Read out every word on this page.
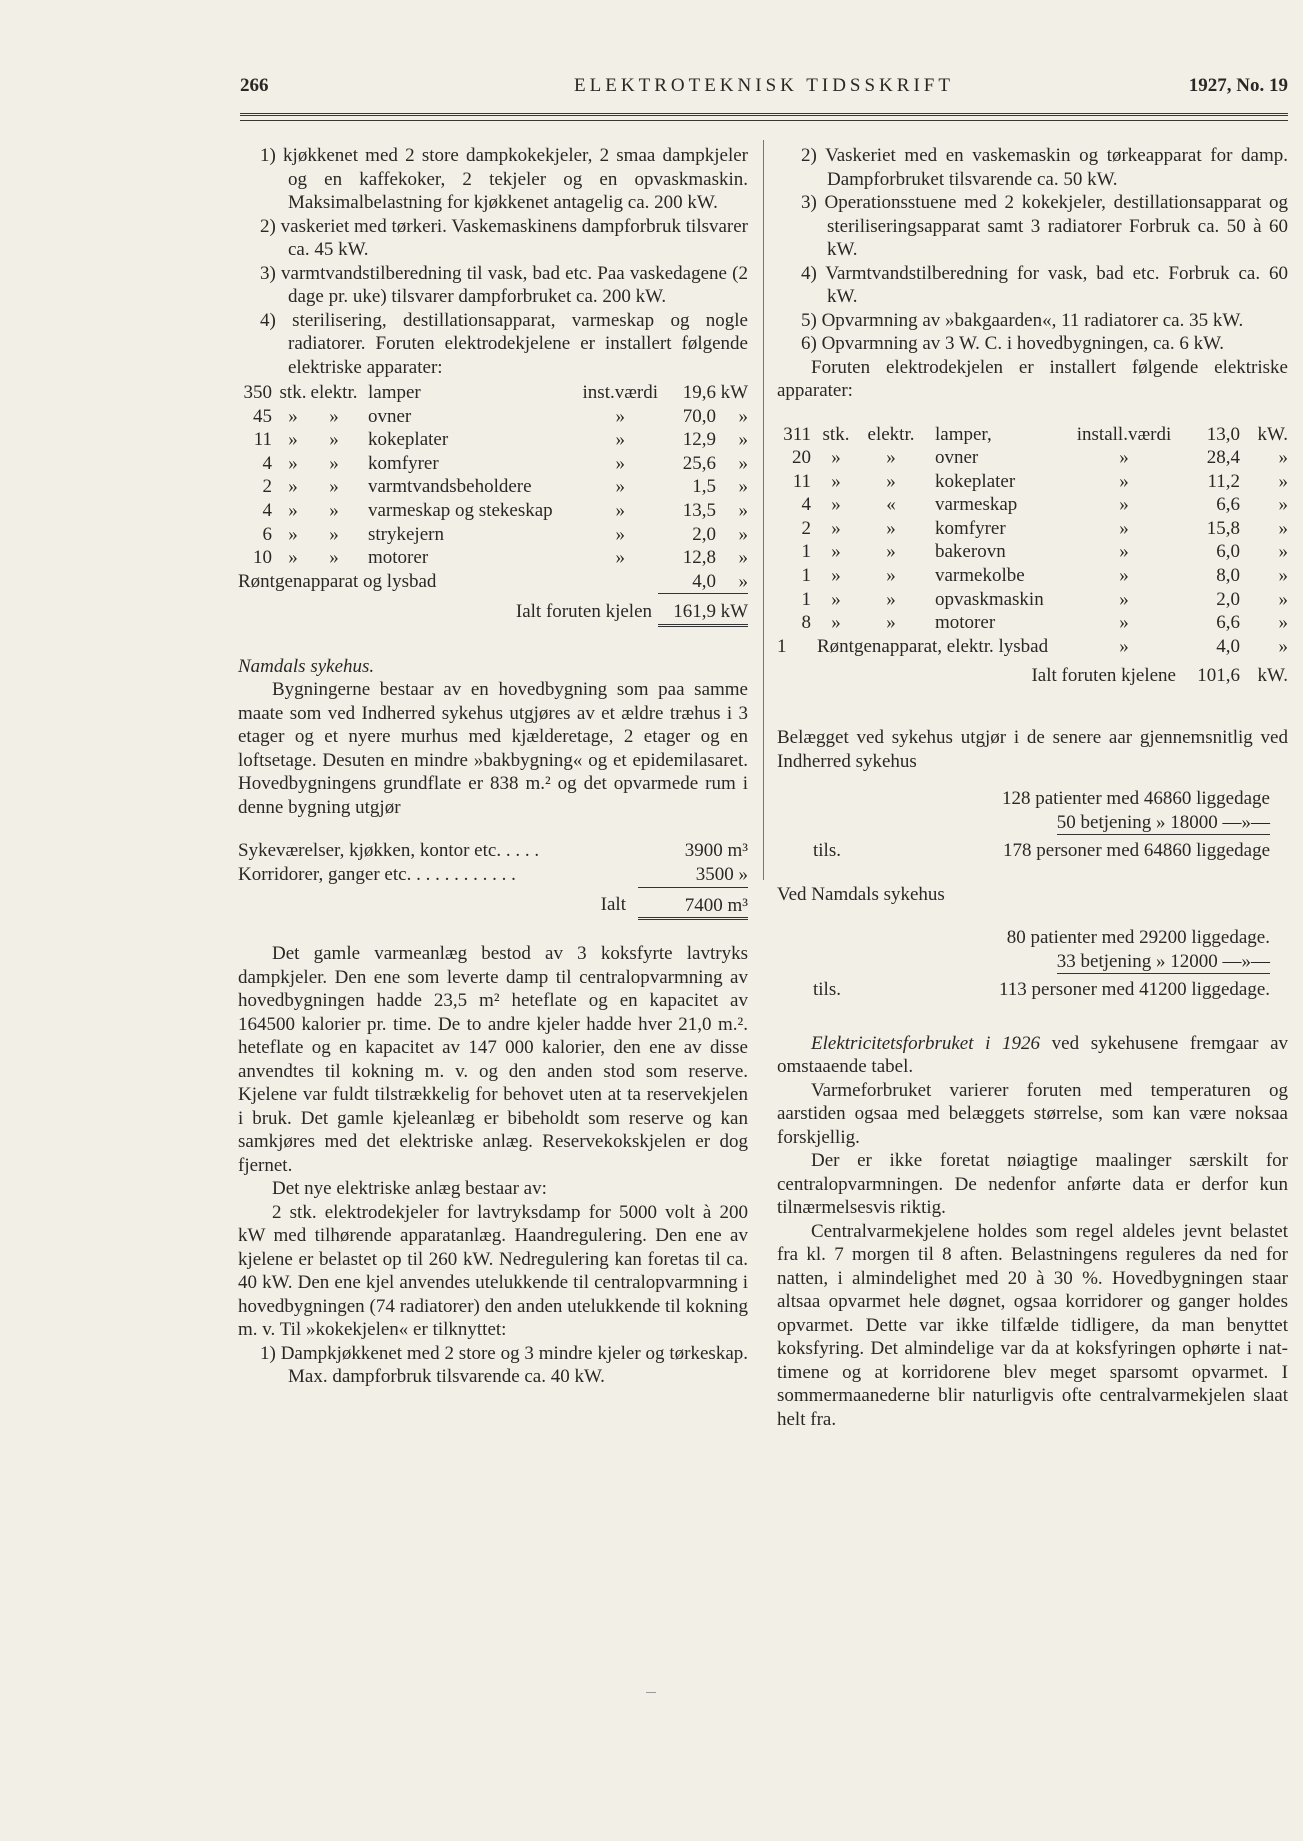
266	ELEKTROTEKNISK TIDSSKRIFT	1927, No. 19

1) kjøkkenet med 2 store dampkokekjeler, 2 smaa dampkjeler og en kaffekoker, 2 tekjeler og en opvaskmaskin. Maksimalbelastning for kjøkkenet antagelig ca. 200 kW.

2) vaskeriet med tørkeri. Vaskemaskinens dampforbruk tilsvarer ca. 45 kW.

3) varmtvandstilberedning til vask, bad etc. Paa vaskedagene (2 dage pr. uke) tilsvarer dampforbruket ca. 200 kW.

4) sterilisering, destillationsapparat, varmeskap og nogle radiatorer. Foruten elektrodekjelene er installert følgende elektriske apparater:

350	stk.	elektr.	lamper	inst.værdi	19,6	kW
45	»	»	ovner	»	70,0	»
11	»	»	kokeplater	»	12,9	»
4	»	»	komfyrer	»	25,6	»
2	»	»	varmtvandsbeholdere	»	1,5	»
4	»	»	varmeskap og stekeskap	»	13,5	»
6	»	»	strykejern	»	2,0	»
10	»	»	motorer	»	12,8	»
Røntgenapparat og lysbad					4,0	»
Ialt foruten kjelen					161,9	kW

Namdals sykehus.

Bygningerne bestaar av en hovedbygning som paa samme maate som ved Indherred sykehus utgjøres av et ældre træhus i 3 etager og et nyere murhus med kjælderetage, 2 etager og en loftsetage. Desuten en mindre »bakbygning« og et epidemilasaret. Hovedbygningens grundflate er 838 m.² og det opvarmede rum i denne bygning utgjør

Sykeværelser, kjøkken, kontor etc. . . . .	3900 m³
Korridorer, ganger etc. . . . . . . . . . . .	3500 »
Ialt	7400 m³

Det gamle varmeanlæg bestod av 3 koksfyrte lavtryks dampkjeler. Den ene som leverte damp til centralopvarmning av hovedbygningen hadde 23,5 m² heteflate og en kapacitet av 164500 kalorier pr. time. De to andre kjeler hadde hver 21,0 m.². heteflate og en kapacitet av 147 000 kalorier, den ene av disse anvendtes til kokning m. v. og den anden stod som reserve. Kjelene var fuldt tilstrækkelig for behovet uten at ta reservekjelen i bruk. Det gamle kjeleanlæg er bibeholdt som reserve og kan samkjøres med det elektriske anlæg. Reservekokskjelen er dog fjernet.

Det nye elektriske anlæg bestaar av:

2 stk. elektrodekjeler for lavtryksdamp for 5000 volt à 200 kW med tilhørende apparatanlæg. Haandregulering. Den ene av kjelene er belastet op til 260 kW. Nedregulering kan foretas til ca. 40 kW. Den ene kjel anvendes utelukkende til centralopvarmning i hovedbygningen (74 radiatorer) den anden utelukkende til kokning m. v. Til »kokekjelen« er tilknyttet:

1) Dampkjøkkenet med 2 store og 3 mindre kjeler og tørkeskap. Max. dampforbruk tilsvarende ca. 40 kW.

2) Vaskeriet med en vaskemaskin og tørkeapparat for damp. Dampforbruket tilsvarende ca. 50 kW.

3) Operationsstuene med 2 kokekjeler, destillationsapparat og steriliseringsapparat samt 3 radiatorer Forbruk ca. 50 à 60 kW.

4) Varmtvandstilberedning for vask, bad etc. Forbruk ca. 60 kW.

5) Opvarmning av »bakgaarden«, 11 radiatorer ca. 35 kW.

6) Opvarmning av 3 W. C. i hovedbygningen, ca. 6 kW.

Foruten elektrodekjelen er installert følgende elektriske apparater:

311	stk.	elektr.	lamper,	install.værdi	13,0	kW.
20	»	»	ovner	»	28,4	»
11	»	»	kokeplater	»	11,2	»
4	»	«	varmeskap	»	6,6	»
2	»	»	komfyrer	»	15,8	»
1	»	»	bakerovn	»	6,0	»
1	»	»	varmekolbe	»	8,0	»
1	»	»	opvaskmaskin	»	2,0	»
8	»	»	motorer	»	6,6	»
1	Røntgenapparat, elektr. lysbad			»	4,0	»
Ialt foruten kjelene					101,6	kW.

Belægget ved sykehus utgjør i de senere aar gjennemsnitlig ved Indherred sykehus

128 patienter med 46860 liggedage
50 betjening » 18000 —»—
tils.	178 personer med 64860 liggedage

Ved Namdals sykehus

80 patienter med 29200 liggedage.
33 betjening » 12000 —»—
tils.	113 personer med 41200 liggedage.

Elektricitetsforbruket i 1926 ved sykehusene fremgaar av omstaaende tabel.

Varmeforbruket varierer foruten med temperaturen og aarstiden ogsaa med belæggets størrelse, som kan være noksaa forskjellig.

Der er ikke foretat nøiagtige maalinger særskilt for centralopvarmningen. De nedenfor anførte data er derfor kun tilnærmelsesvis riktig.

Centralvarmekjelene holdes som regel aldeles jevnt belastet fra kl. 7 morgen til 8 aften. Belastningens reguleres da ned for natten, i almindelighet med 20 à 30 %. Hovedbygningen staar altsaa opvarmet hele døgnet, ogsaa korridorer og ganger holdes opvarmet. Dette var ikke tilfælde tidligere, da man benyttet koksfyring. Det almindelige var da at koksfyringen ophørte i nat-timene og at korridorene blev meget sparsomt opvarmet. I sommermaanederne blir naturligvis ofte centralvarmekjelen slaat helt fra.
